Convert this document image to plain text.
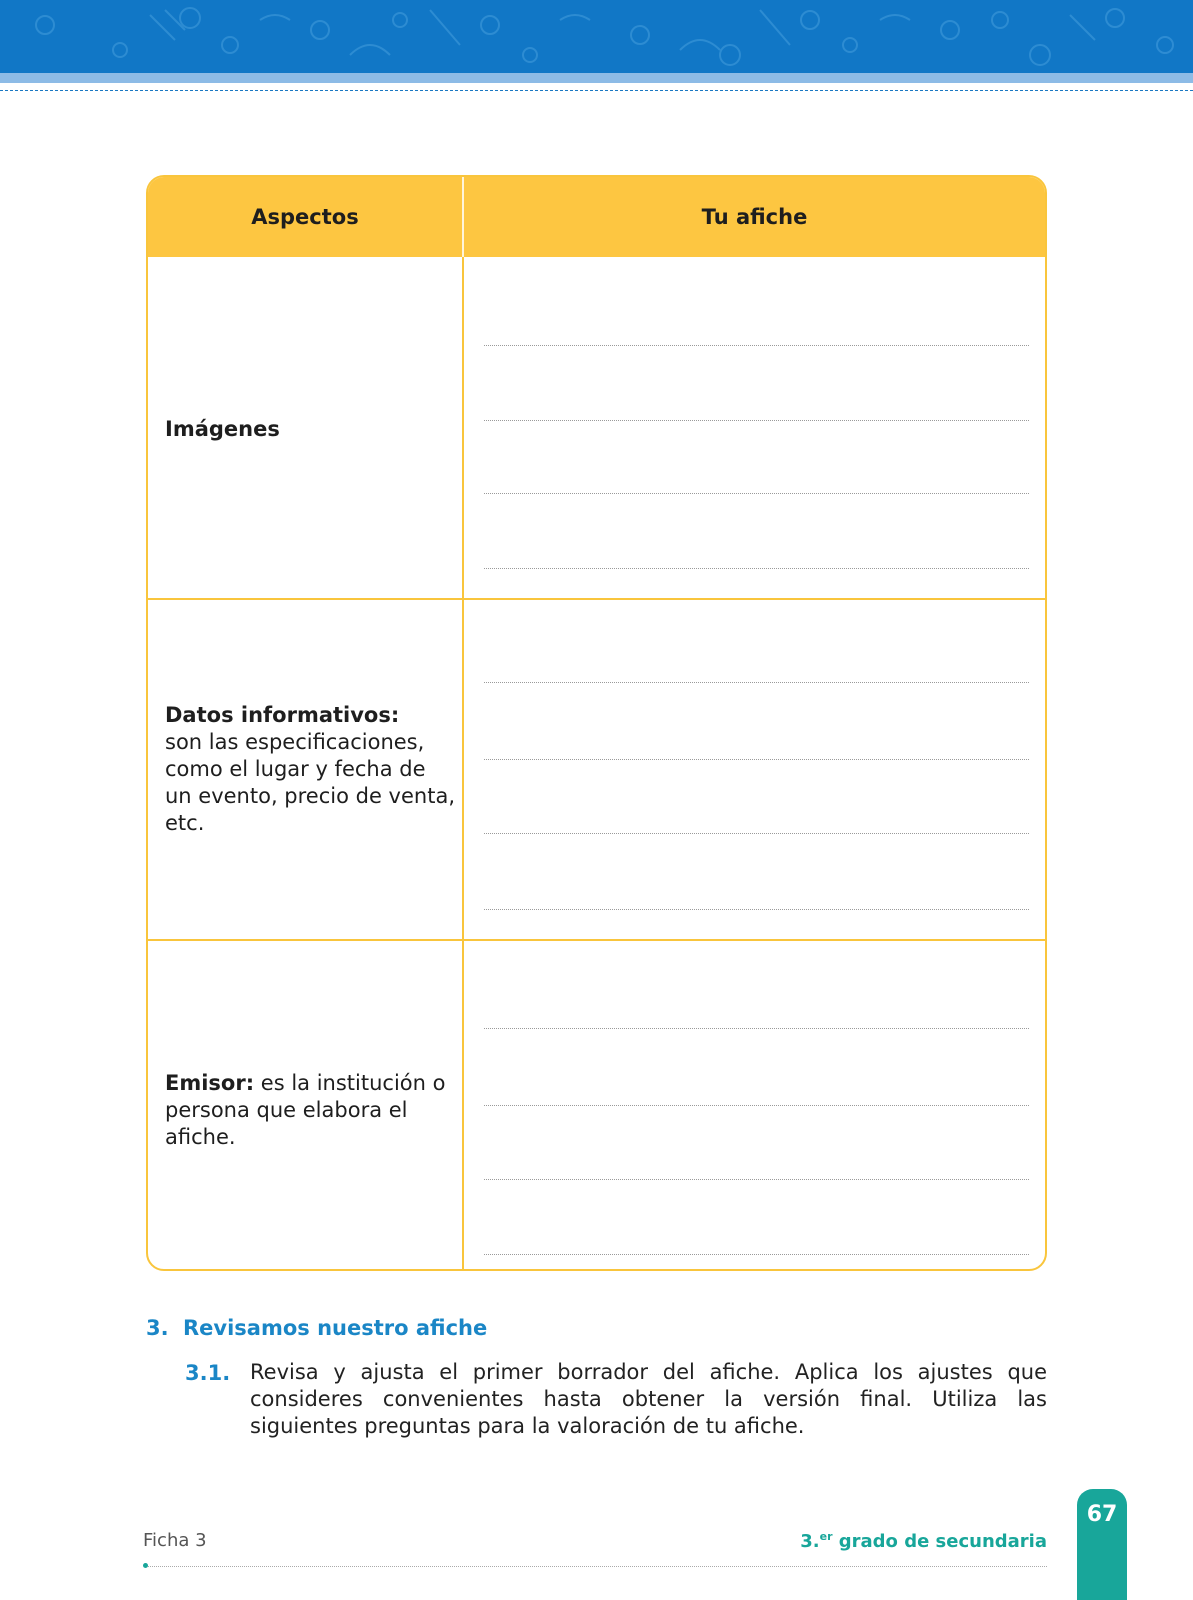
Aspectos	Tu afiche
Imágenes
Datos informativos:
son las especificaciones, como el lugar y fecha de un evento, precio de venta, etc.
Emisor: es la institución o persona que elabora el afiche.
3. Revisamos nuestro afiche
3.1. Revisa y ajusta el primer borrador del afiche. Aplica los ajustes que consideres convenientes hasta obtener la versión final. Utiliza las siguientes preguntas para la valoración de tu afiche.
Ficha 3	3.$^{er}$ grado de secundaria
67
